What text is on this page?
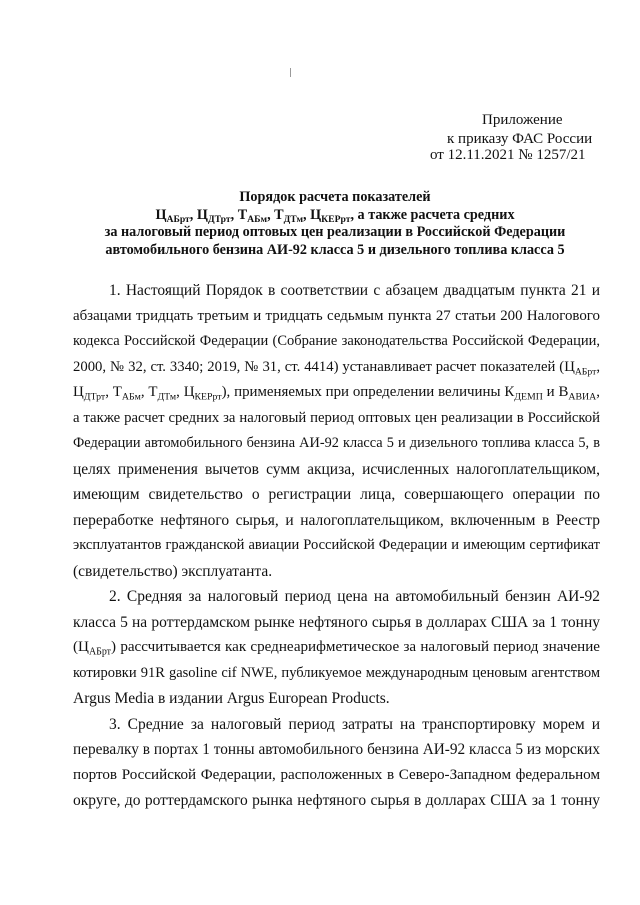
Приложение
к приказу ФАС России
от 12.11.2021 № 1257/21
Порядок расчета показателей
$Ц_{АБрт}$, $Ц_{ДТрт}$, $Т_{АБм}$, $Т_{ДТм}$, $Ц_{КЕРрт}$, а также расчета средних
за налоговый период оптовых цен реализации в Российской Федерации
автомобильного бензина АИ-92 класса 5 и дизельного топлива класса 5
1. Настоящий Порядок в соответствии с абзацем двадцатым пункта 21 и
абзацами тридцать третьим и тридцать седьмым пункта 27 статьи 200 Налогового
кодекса Российской Федерации (Собрание законодательства Российской Федерации,
2000, № 32, ст. 3340; 2019, № 31, ст. 4414) устанавливает расчет показателей ($Ц_{АБрт}$,
$Ц_{ДТрт}$, $Т_{АБм}$, $Т_{ДТм}$, $Ц_{КЕРрт}$), применяемых при определении величины $К_{ДЕМП}$ и $В_{АВИА}$,
а также расчет средних за налоговый период оптовых цен реализации в Российской
Федерации автомобильного бензина АИ-92 класса 5 и дизельного топлива класса 5, в
целях применения вычетов сумм акциза, исчисленных налогоплательщиком,
имеющим свидетельство о регистрации лица, совершающего операции по
переработке нефтяного сырья, и налогоплательщиком, включенным в Реестр
эксплуатантов гражданской авиации Российской Федерации и имеющим сертификат
(свидетельство) эксплуатанта.
2. Средняя за налоговый период цена на автомобильный бензин АИ-92
класса 5 на роттердамском рынке нефтяного сырья в долларах США за 1 тонну
$(Ц_{АБрт})$ рассчитывается как среднеарифметическое за налоговый период значение
котировки 91R gasoline cif NWE, публикуемое международным ценовым агентством
Argus Media в издании Argus European Products.
3. Средние за налоговый период затраты на транспортировку морем и
перевалку в портах 1 тонны автомобильного бензина АИ-92 класса 5 из морских
портов Российской Федерации, расположенных в Северо-Западном федеральном
округе, до роттердамского рынка нефтяного сырья в долларах США за 1 тонну
